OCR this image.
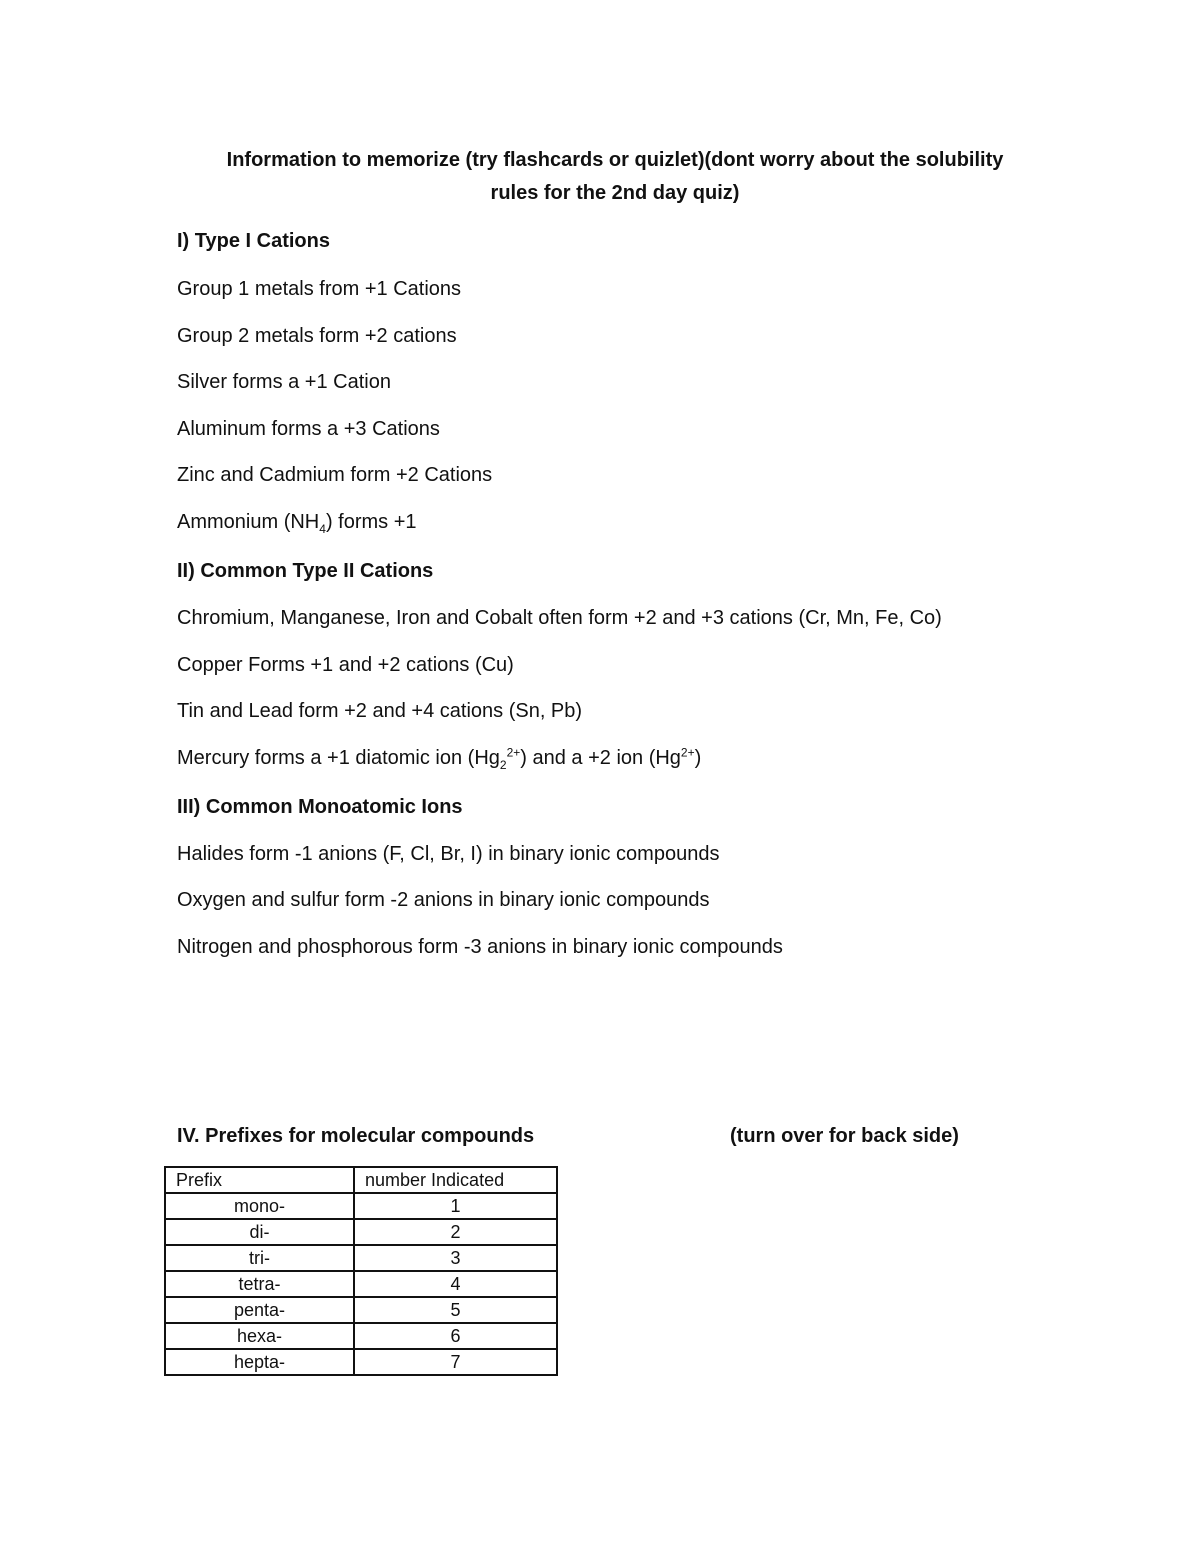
Information to memorize (try flashcards or quizlet)(dont worry about the solubility
rules for the 2nd day quiz)
I) Type I Cations
Group 1 metals from +1 Cations
Group 2 metals form +2 cations
Silver forms a +1 Cation
Aluminum forms a +3 Cations
Zinc and Cadmium form +2 Cations
Ammonium $(NH_4)$ forms +1
II) Common Type II Cations
Chromium, Manganese, Iron and Cobalt often form +2 and +3 cations (Cr, Mn, Fe, Co)
Copper Forms +1 and +2 cations (Cu)
Tin and Lead form +2 and +4 cations (Sn, Pb)
Mercury forms a +1 diatomic ion $(Hg_2^{2+})$ and a +2 ion $(Hg^{2+})$
III) Common Monoatomic Ions
Halides form -1 anions (F, Cl, Br, I) in binary ionic compounds
Oxygen and sulfur form -2 anions in binary ionic compounds
Nitrogen and phosphorous form -3 anions in binary ionic compounds
IV. Prefixes for molecular compounds	(turn over for back side)
Prefix	number Indicated
mono-	1
di-	2
tri-	3
tetra-	4
penta-	5
hexa-	6
hepta-	7
